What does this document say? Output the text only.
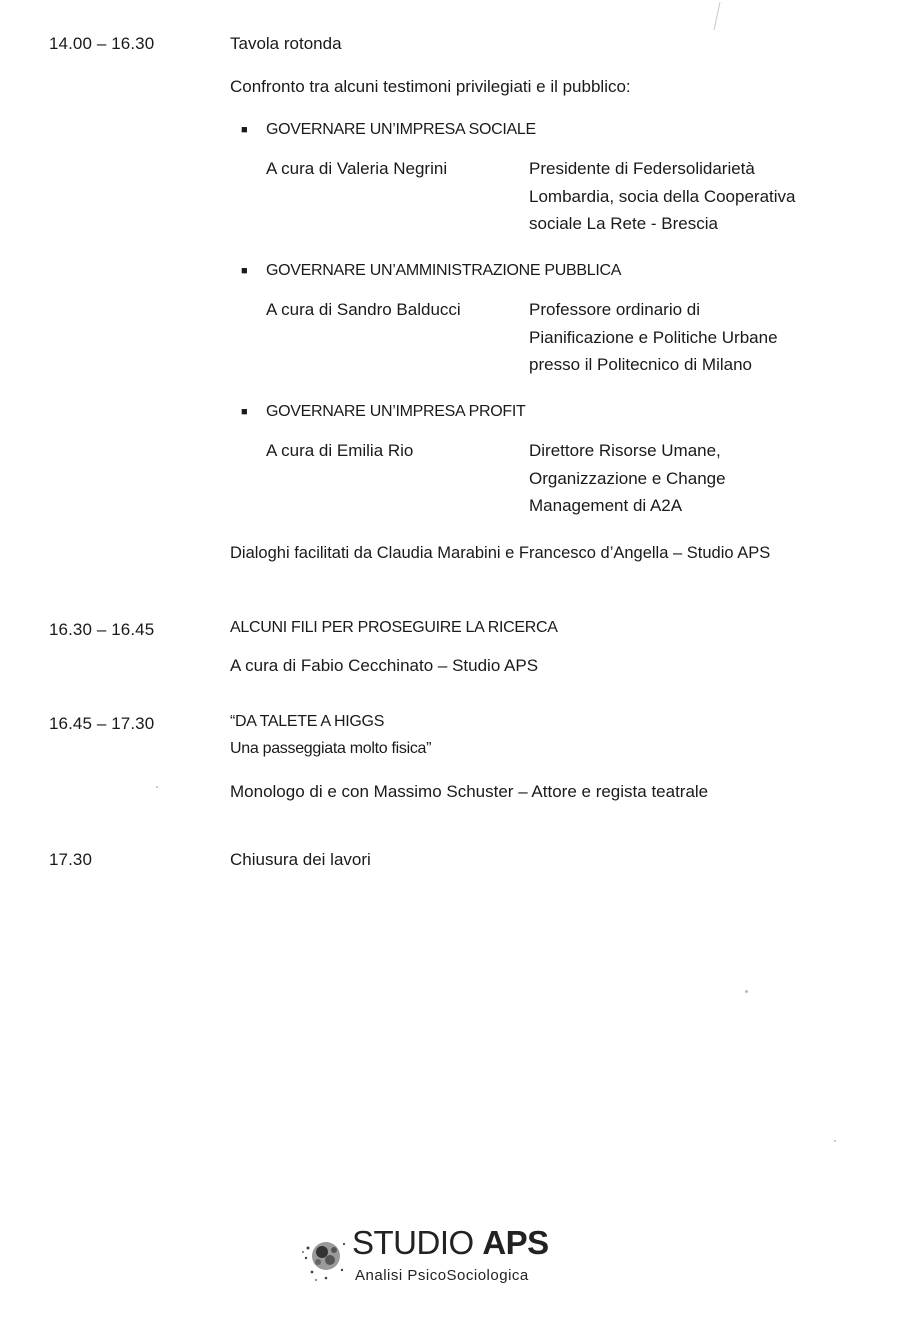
14.00 – 16.30	Tavola rotonda
Confronto tra alcuni testimoni privilegiati e il pubblico:
■ GOVERNARE UN’IMPRESA SOCIALE
A cura di Valeria Negrini	Presidente di Federsolidarietà
Lombardia, socia della Cooperativa
sociale La Rete - Brescia
■ GOVERNARE UN’AMMINISTRAZIONE PUBBLICA
A cura di Sandro Balducci	Professore ordinario di
Pianificazione e Politiche Urbane
presso il Politecnico di Milano
■ GOVERNARE UN’IMPRESA PROFIT
A cura di Emilia Rio	Direttore Risorse Umane,
Organizzazione e Change
Management di A2A
Dialoghi facilitati da Claudia Marabini e Francesco d’Angella – Studio APS
16.30 – 16.45	ALCUNI FILI PER PROSEGUIRE LA RICERCA
A cura di Fabio Cecchinato – Studio APS
16.45 – 17.30	“DA TALETE A HIGGS
Una passeggiata molto fisica”
Monologo di e con Massimo Schuster – Attore e regista teatrale
17.30	Chiusura dei lavori
STUDIO APS
Analisi PsicoSociologica
